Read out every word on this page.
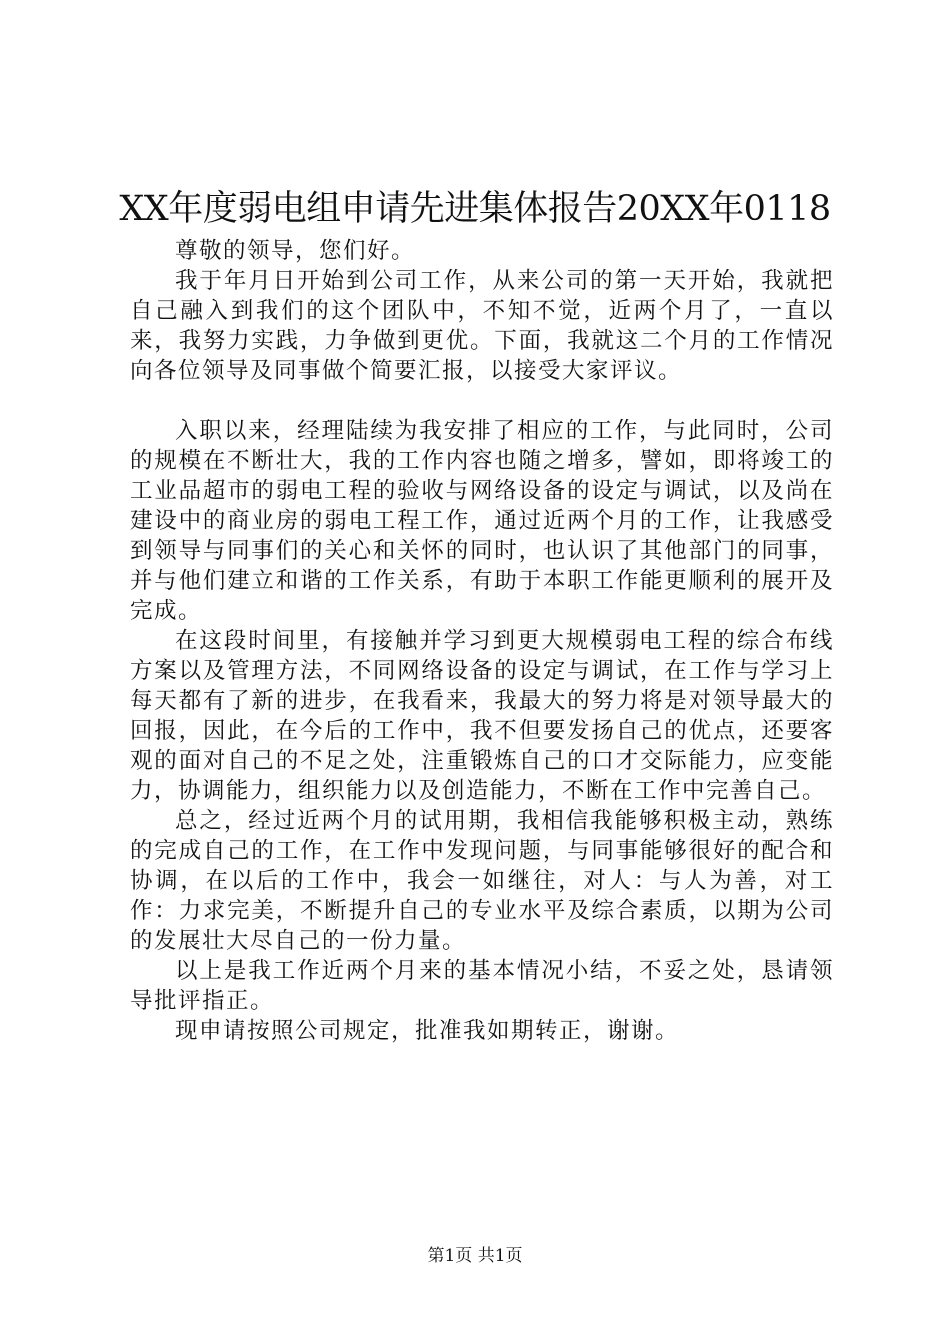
XX年度弱电组申请先进集体报告20XX年0118

尊敬的领导，您们好。

我于年月日开始到公司工作，从来公司的第一天开始，我就把自己融入到我们的这个团队中，不知不觉，近两个月了，一直以来，我努力实践，力争做到更优。下面，我就这二个月的工作情况向各位领导及同事做个简要汇报，以接受大家评议。

入职以来，经理陆续为我安排了相应的工作，与此同时，公司的规模在不断壮大，我的工作内容也随之增多，譬如，即将竣工的工业品超市的弱电工程的验收与网络设备的设定与调试，以及尚在建设中的商业房的弱电工程工作，通过近两个月的工作，让我感受到领导与同事们的关心和关怀的同时，也认识了其他部门的同事，并与他们建立和谐的工作关系，有助于本职工作能更顺利的展开及完成。

在这段时间里，有接触并学习到更大规模弱电工程的综合布线方案以及管理方法，不同网络设备的设定与调试，在工作与学习上每天都有了新的进步，在我看来，我最大的努力将是对领导最大的回报，因此，在今后的工作中，我不但要发扬自己的优点，还要客观的面对自己的不足之处，注重锻炼自己的口才交际能力，应变能力，协调能力，组织能力以及创造能力，不断在工作中完善自己。

总之，经过近两个月的试用期，我相信我能够积极主动，熟练的完成自己的工作，在工作中发现问题，与同事能够很好的配合和协调，在以后的工作中，我会一如继往，对人：与人为善，对工作：力求完美，不断提升自己的专业水平及综合素质，以期为公司的发展壮大尽自己的一份力量。

以上是我工作近两个月来的基本情况小结，不妥之处，恳请领导批评指正。

现申请按照公司规定，批准我如期转正，谢谢。

第1页 共1页
